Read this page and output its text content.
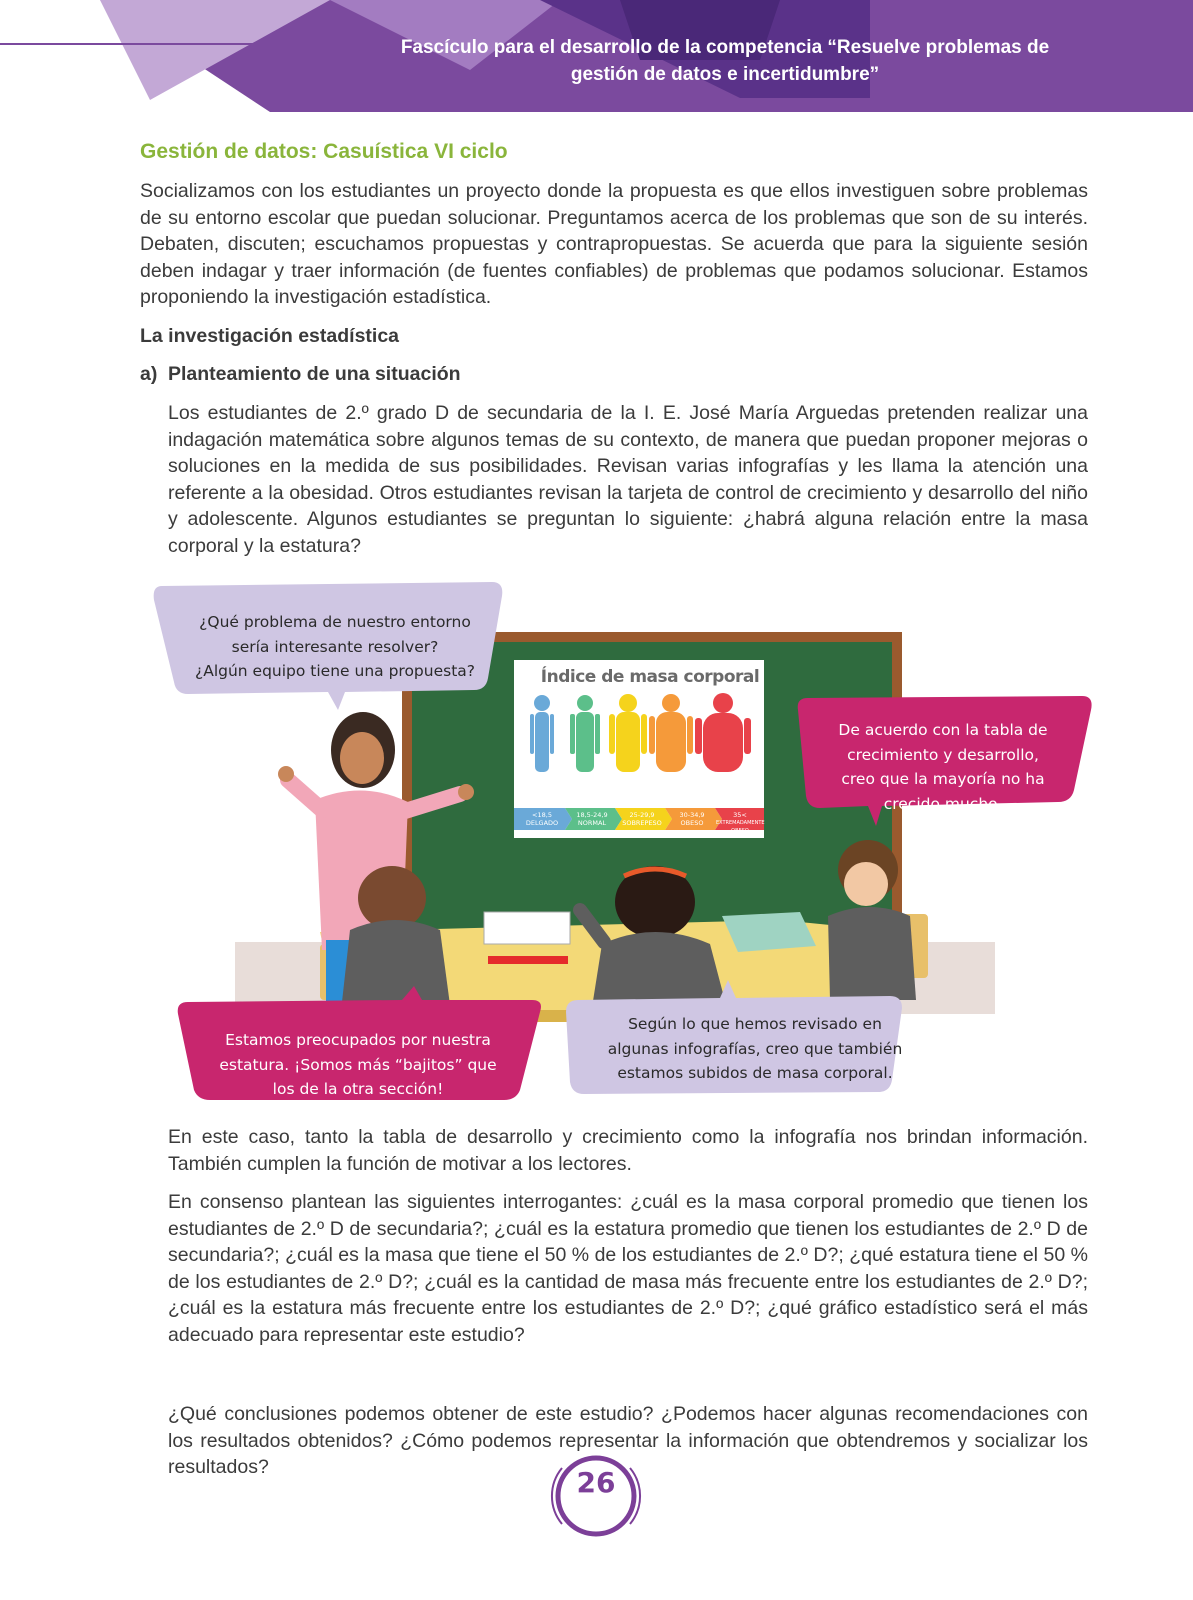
Fascículo para el desarrollo de la competencia “Resuelve problemas de
gestión de datos e incertidumbre”
Gestión de datos: Casuística VI ciclo

Socializamos con los estudiantes un proyecto donde la propuesta es que ellos investiguen sobre problemas de su entorno escolar que puedan solucionar. Preguntamos acerca de los problemas que son de su interés. Debaten, discuten; escuchamos propuestas y contrapropuestas. Se acuerda que para la siguiente sesión deben indagar y traer información (de fuentes confiables) de problemas que podamos solucionar. Estamos proponiendo la investigación estadística.

La investigación estadística
a) Planteamiento de una situación

Los estudiantes de 2.º grado D de secundaria de la I. E. José María Arguedas pretenden realizar una indagación matemática sobre algunos temas de su contexto, de manera que puedan proponer mejoras o soluciones en la medida de sus posibilidades. Revisan varias infografías y les llama la atención una referente a la obesidad. Otros estudiantes revisan la tarjeta de control de crecimiento y desarrollo del niño y adolescente. Algunos estudiantes se preguntan lo siguiente: ¿habrá alguna relación entre la masa corporal y la estatura?

Índice de masa corporal
<18,5
DELGADO
18,5-24,9
NORMAL
25-29,9
SOBREPESO
30-34,9
OBESO
35<
EXTREMADAMENTE OBESO
¿Qué problema de nuestro entorno
sería interesante resolver?
¿Algún equipo tiene una propuesta?
De acuerdo con la tabla de
crecimiento y desarrollo,
creo que la mayoría no ha
crecido mucho.
Estamos preocupados por nuestra
estatura. ¡Somos más “bajitos” que
los de la otra sección!
Según lo que hemos revisado en
algunas infografías, creo que también
estamos subidos de masa corporal.

En este caso, tanto la tabla de desarrollo y crecimiento como la infografía nos brindan información. También cumplen la función de motivar a los lectores.

En consenso plantean las siguientes interrogantes: ¿cuál es la masa corporal promedio que tienen los estudiantes de 2.º D de secundaria?; ¿cuál es la estatura promedio que tienen los estudiantes de 2.º D de secundaria?; ¿cuál es la masa que tiene el 50 % de los estudiantes de 2.º D?; ¿qué estatura tiene el 50 % de los estudiantes de 2.º D?; ¿cuál es la cantidad de masa más frecuente entre los estudiantes de 2.º D?; ¿cuál es la estatura más frecuente entre los estudiantes de 2.º D?; ¿qué gráfico estadístico será el más adecuado para representar este estudio?

¿Qué conclusiones podemos obtener de este estudio? ¿Podemos hacer algunas recomendaciones con los resultados obtenidos? ¿Cómo podemos representar la información que obtendremos y socializar los resultados?	26
